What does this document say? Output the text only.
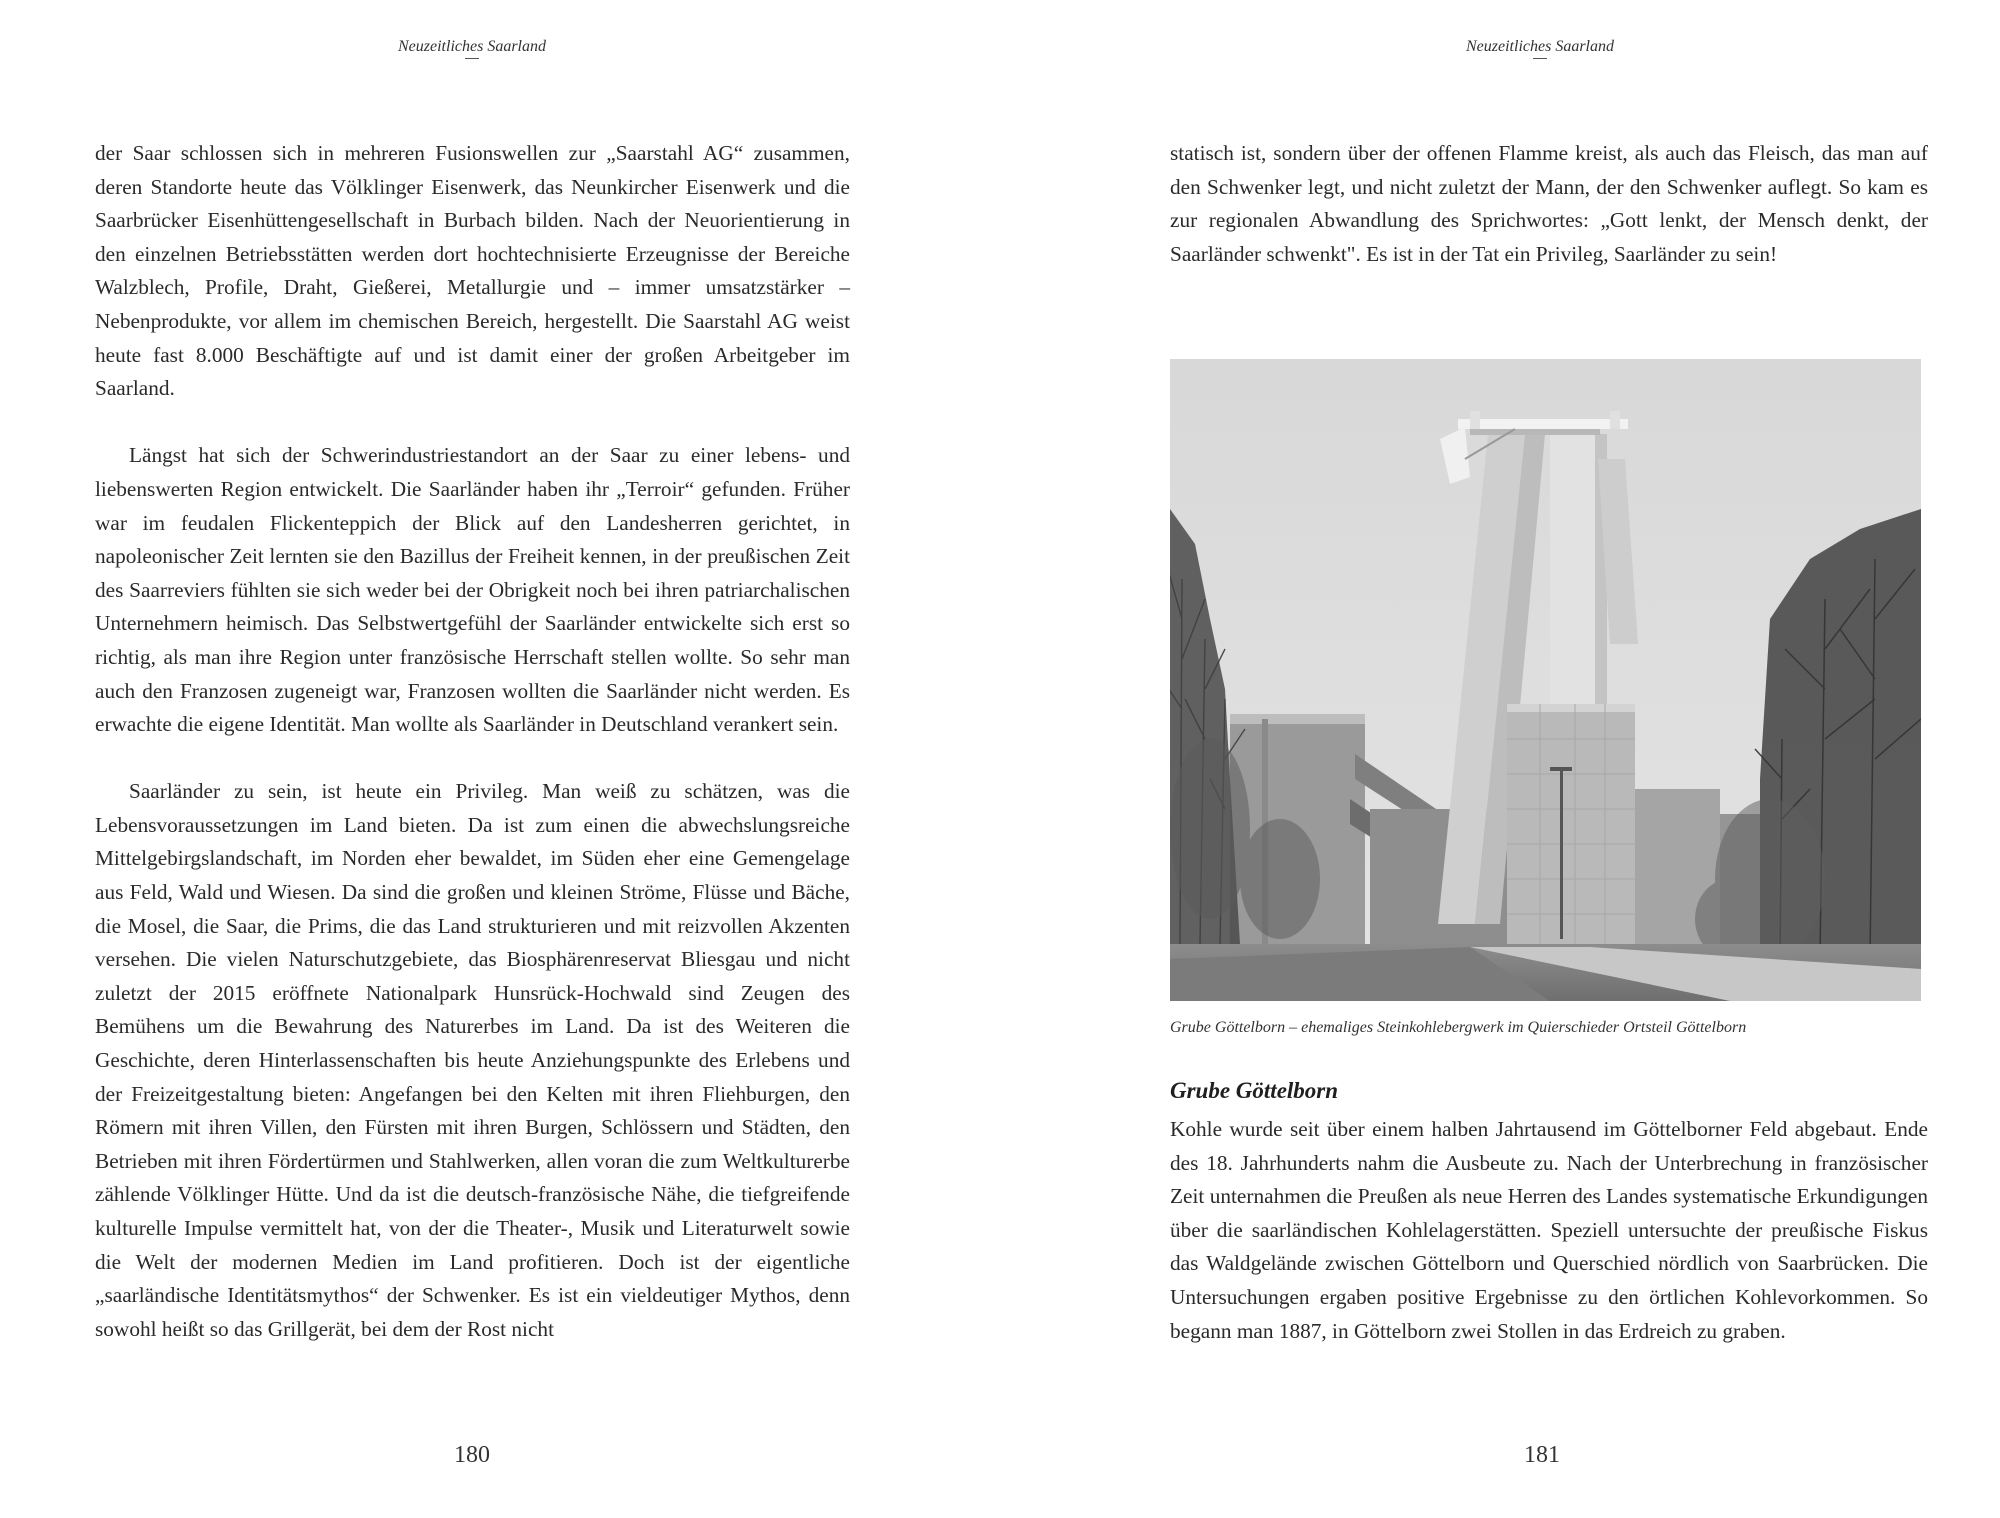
Neuzeitliches Saarland

der Saar schlossen sich in mehreren Fusionswellen zur „Saarstahl AG“ zusammen, deren Standorte heute das Völklinger Eisenwerk, das Neunkircher Eisenwerk und die Saarbrücker Eisenhüttengesellschaft in Burbach bilden. Nach der Neuorientierung in den einzelnen Betriebsstätten werden dort hochtechnisierte Erzeugnisse der Bereiche Walzblech, Profile, Draht, Gießerei, Metallurgie und – immer umsatzstärker – Nebenprodukte, vor allem im chemischen Bereich, hergestellt. Die Saarstahl AG weist heute fast 8.000 Beschäftigte auf und ist damit einer der großen Arbeitgeber im Saarland.

Längst hat sich der Schwerindustriestandort an der Saar zu einer lebens- und liebenswerten Region entwickelt. Die Saarländer haben ihr „Terroir“ gefunden. Früher war im feudalen Flickenteppich der Blick auf den Landesherren gerichtet, in napoleonischer Zeit lernten sie den Bazillus der Freiheit kennen, in der preußischen Zeit des Saarreviers fühlten sie sich weder bei der Obrigkeit noch bei ihren patriarchalischen Unternehmern heimisch. Das Selbstwertgefühl der Saarländer entwickelte sich erst so richtig, als man ihre Region unter französische Herrschaft stellen wollte. So sehr man auch den Franzosen zugeneigt war, Franzosen wollten die Saarländer nicht werden. Es erwachte die eigene Identität. Man wollte als Saarländer in Deutschland verankert sein.

Saarländer zu sein, ist heute ein Privileg. Man weiß zu schätzen, was die Lebensvoraussetzungen im Land bieten. Da ist zum einen die abwechslungsreiche Mittelgebirgslandschaft, im Norden eher bewaldet, im Süden eher eine Gemengelage aus Feld, Wald und Wiesen. Da sind die großen und kleinen Ströme, Flüsse und Bäche, die Mosel, die Saar, die Prims, die das Land strukturieren und mit reizvollen Akzenten versehen. Die vielen Naturschutzgebiete, das Biosphärenreservat Bliesgau und nicht zuletzt der 2015 eröffnete Nationalpark Hunsrück-Hochwald sind Zeugen des Bemühens um die Bewahrung des Naturerbes im Land. Da ist des Weiteren die Geschichte, deren Hinterlassenschaften bis heute Anziehungspunkte des Erlebens und der Freizeitgestaltung bieten: Angefangen bei den Kelten mit ihren Fliehburgen, den Römern mit ihren Villen, den Fürsten mit ihren Burgen, Schlössern und Städten, den Betrieben mit ihren Fördertürmen und Stahlwerken, allen voran die zum Weltkulturerbe zählende Völklinger Hütte. Und da ist die deutsch-französische Nähe, die tiefgreifende kulturelle Impulse vermittelt hat, von der die Theater-, Musik und Literaturwelt sowie die Welt der modernen Medien im Land profitieren. Doch ist der eigentliche „saarländische Identitätsmythos“ der Schwenker. Es ist ein vieldeutiger Mythos, denn sowohl heißt so das Grillgerät, bei dem der Rost nicht

180
Neuzeitliches Saarland

statisch ist, sondern über der offenen Flamme kreist, als auch das Fleisch, das man auf den Schwenker legt, und nicht zuletzt der Mann, der den Schwenker auflegt. So kam es zur regionalen Abwandlung des Sprichwortes: „Gott lenkt, der Mensch denkt, der Saarländer schwenkt". Es ist in der Tat ein Privileg, Saarländer zu sein!

Grube Göttelborn – ehemaliges Steinkohlebergwerk im Quierschieder Ortsteil Göttelborn
Grube Göttelborn

Kohle wurde seit über einem halben Jahrtausend im Göttelborner Feld abgebaut. Ende des 18. Jahrhunderts nahm die Ausbeute zu. Nach der Unterbrechung in französischer Zeit unternahmen die Preußen als neue Herren des Landes systematische Erkundigungen über die saarländischen Kohlelagerstätten. Speziell untersuchte der preußische Fiskus das Waldgelände zwischen Göttelborn und Querschied nördlich von Saarbrücken. Die Untersuchungen ergaben positive Ergebnisse zu den örtlichen Kohlevorkommen. So begann man 1887, in Göttelborn zwei Stollen in das Erdreich zu graben.

181
